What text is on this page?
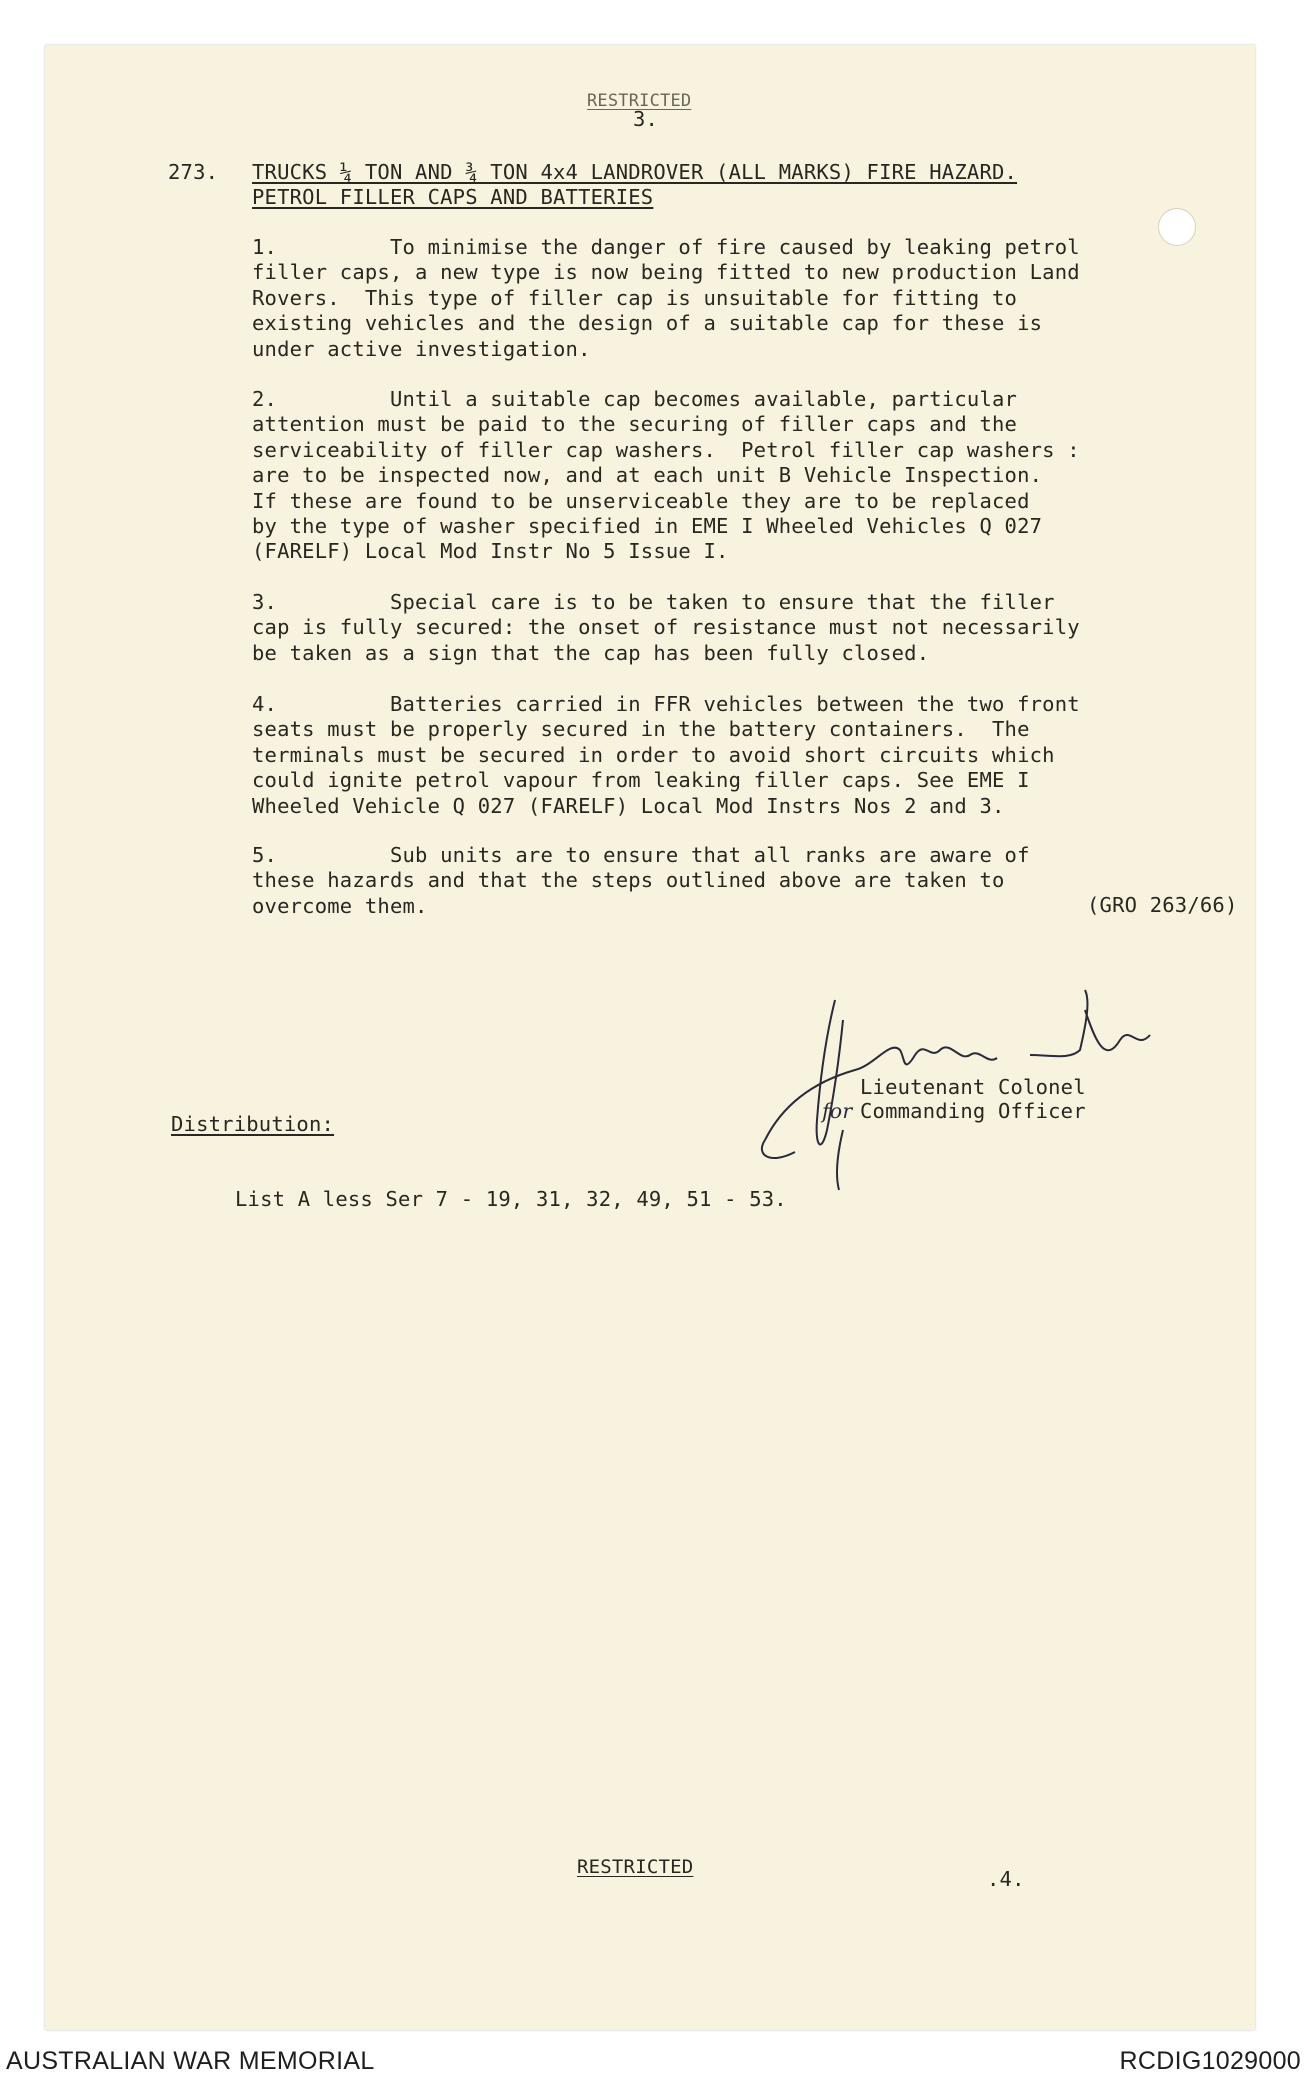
RESTRICTED
3.
273. TRUCKS ¼ TON AND ¾ TON 4x4 LANDROVER (ALL MARKS) FIRE HAZARD.
PETROL FILLER CAPS AND BATTERIES
1.         To minimise the danger of fire caused by leaking petrol
filler caps, a new type is now being fitted to new production Land
Rovers.  This type of filler cap is unsuitable for fitting to
existing vehicles and the design of a suitable cap for these is
under active investigation.
2.         Until a suitable cap becomes available, particular
attention must be paid to the securing of filler caps and the
serviceability of filler cap washers.  Petrol filler cap washers :
are to be inspected now, and at each unit B Vehicle Inspection.
If these are found to be unserviceable they are to be replaced
by the type of washer specified in EME I Wheeled Vehicles Q 027
(FARELF) Local Mod Instr No 5 Issue I.
3.         Special care is to be taken to ensure that the filler
cap is fully secured: the onset of resistance must not necessarily
be taken as a sign that the cap has been fully closed.
4.         Batteries carried in FFR vehicles between the two front
seats must be properly secured in the battery containers.  The
terminals must be secured in order to avoid short circuits which
could ignite petrol vapour from leaking filler caps. See EME I
Wheeled Vehicle Q 027 (FARELF) Local Mod Instrs Nos 2 and 3.
5.         Sub units are to ensure that all ranks are aware of
these hazards and that the steps outlined above are taken to
overcome them.	(GRO 263/66)
Lieutenant Colonel
for Commanding Officer
Distribution:
List A less Ser 7 - 19, 31, 32, 49, 51 - 53.
RESTRICTED	.4.
AUSTRALIAN WAR MEMORIAL	RCDIG1029000
